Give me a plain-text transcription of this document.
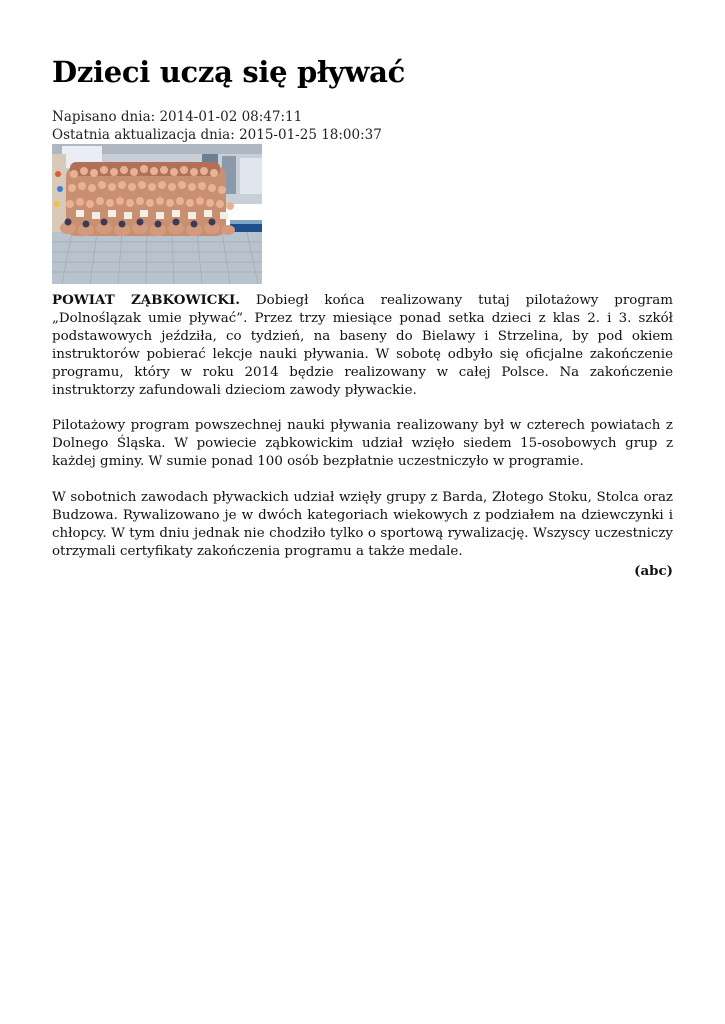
Dzieci uczą się pływać
Napisano dnia: 2014-01-02 08:47:11
Ostatnia aktualizacja dnia: 2015-01-25 18:00:37

POWIAT ZĄBKOWICKI. Dobiegł końca realizowany tutaj pilotażowy program „Dolnoślązak umie pływać”. Przez trzy miesiące ponad setka dzieci z klas 2. i 3. szkół podstawowych jeździła, co tydzień, na baseny do Bielawy i Strzelina, by pod okiem instruktorów pobierać lekcje nauki pływania. W sobotę odbyło się oficjalne zakończenie programu, który w roku 2014 będzie realizowany w całej Polsce. Na zakończenie instruktorzy zafundowali dzieciom zawody pływackie.

Pilotażowy program powszechnej nauki pływania realizowany był w czterech powiatach z Dolnego Śląska. W powiecie ząbkowickim udział wzięło siedem 15-osobowych grup z każdej gminy. W sumie ponad 100 osób bezpłatnie uczestniczyło w programie.

W sobotnich zawodach pływackich udział wzięły grupy z Barda, Złotego Stoku, Stolca oraz Budzowa. Rywalizowano je w dwóch kategoriach wiekowych z podziałem na dziewczynki i chłopcy. W tym dniu jednak nie chodziło tylko o sportową rywalizację. Wszyscy uczestniczy otrzymali certyfikaty zakończenia programu a także medale.

(abc)
